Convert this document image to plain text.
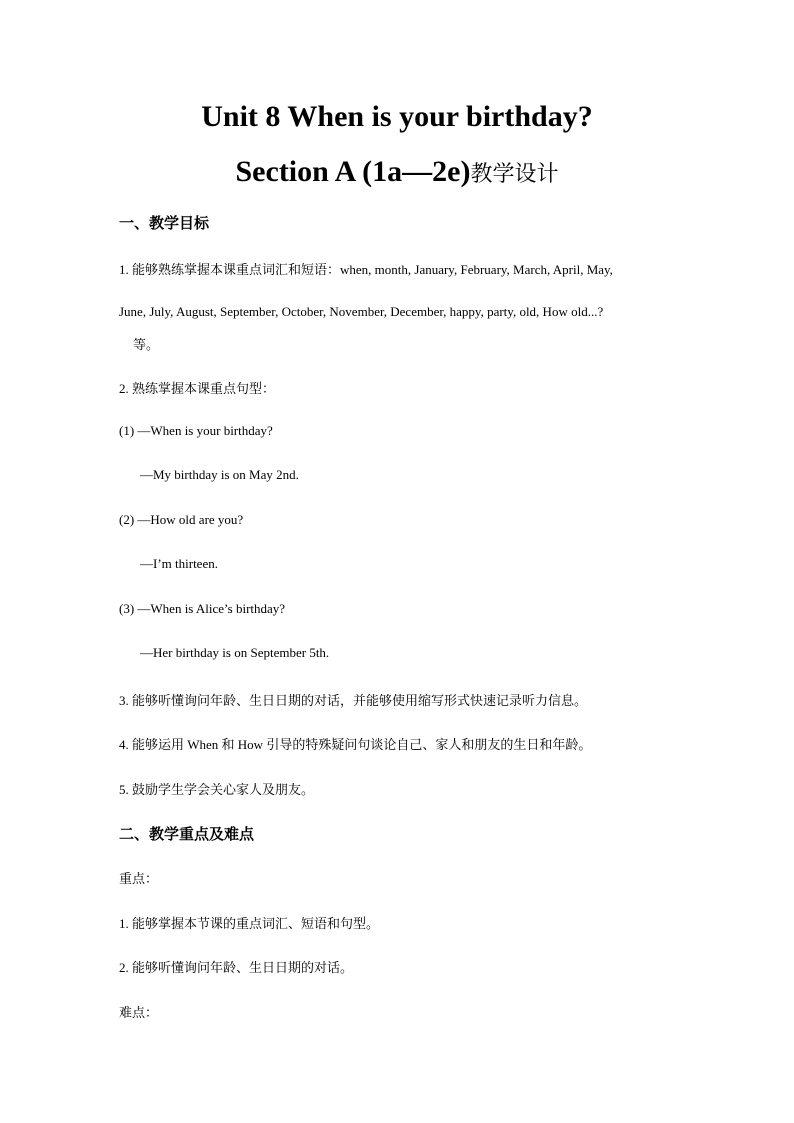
Unit 8 When is your birthday?
Section A (1a—2e)教学设计
一、教学目标
1. 能够熟练掌握本课重点词汇和短语：when, month, January, February, March, April, May,
June, July, August, September, October, November, December, happy, party, old, How old...?
等。
2. 熟练掌握本课重点句型：
(1) —When is your birthday?
—My birthday is on May 2nd.
(2) —How old are you?
—I’m thirteen.
(3) —When is Alice’s birthday?
—Her birthday is on September 5th.
3. 能够听懂询问年龄、生日日期的对话，并能够使用缩写形式快速记录听力信息。
4. 能够运用 When 和 How 引导的特殊疑问句谈论自己、家人和朋友的生日和年龄。
5. 鼓励学生学会关心家人及朋友。
二、教学重点及难点
重点：
1. 能够掌握本节课的重点词汇、短语和句型。
2. 能够听懂询问年龄、生日日期的对话。
难点：
